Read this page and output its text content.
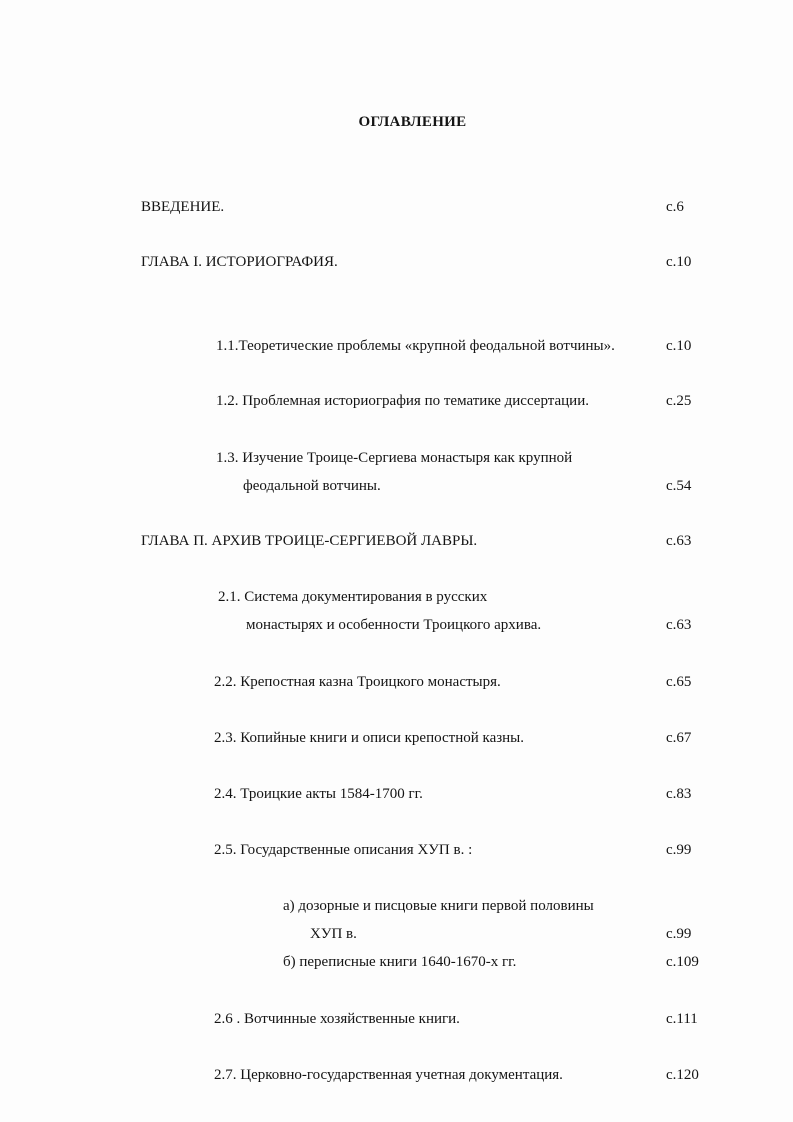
ОГЛАВЛЕНИЕ
ВВЕДЕНИЕ.	с.6
ГЛАВА I. ИСТОРИОГРАФИЯ.	с.10
1.1.Теоретические проблемы «крупной феодальной вотчины».	с.10
1.2. Проблемная историография по тематике диссертации.	с.25
1.3. Изучение Троице-Сергиева монастыря как крупной
феодальной вотчины.	с.54
ГЛАВА П. АРХИВ ТРОИЦЕ-СЕРГИЕВОЙ ЛАВРЫ.	с.63
2.1. Система документирования в русских
монастырях и особенности Троицкого архива.	с.63
2.2. Крепостная казна Троицкого монастыря.	с.65
2.3. Копийные книги и описи крепостной казны.	с.67
2.4. Троицкие акты 1584-1700 гг.	с.83
2.5. Государственные описания ХУП в. :	с.99
а) дозорные и писцовые книги первой половины
ХУП в.	с.99
б) переписные книги 1640-1670-х гг.	с.109
2.6 . Вотчинные хозяйственные книги.	с.111
2.7. Церковно-государственная учетная документация.	с.120
